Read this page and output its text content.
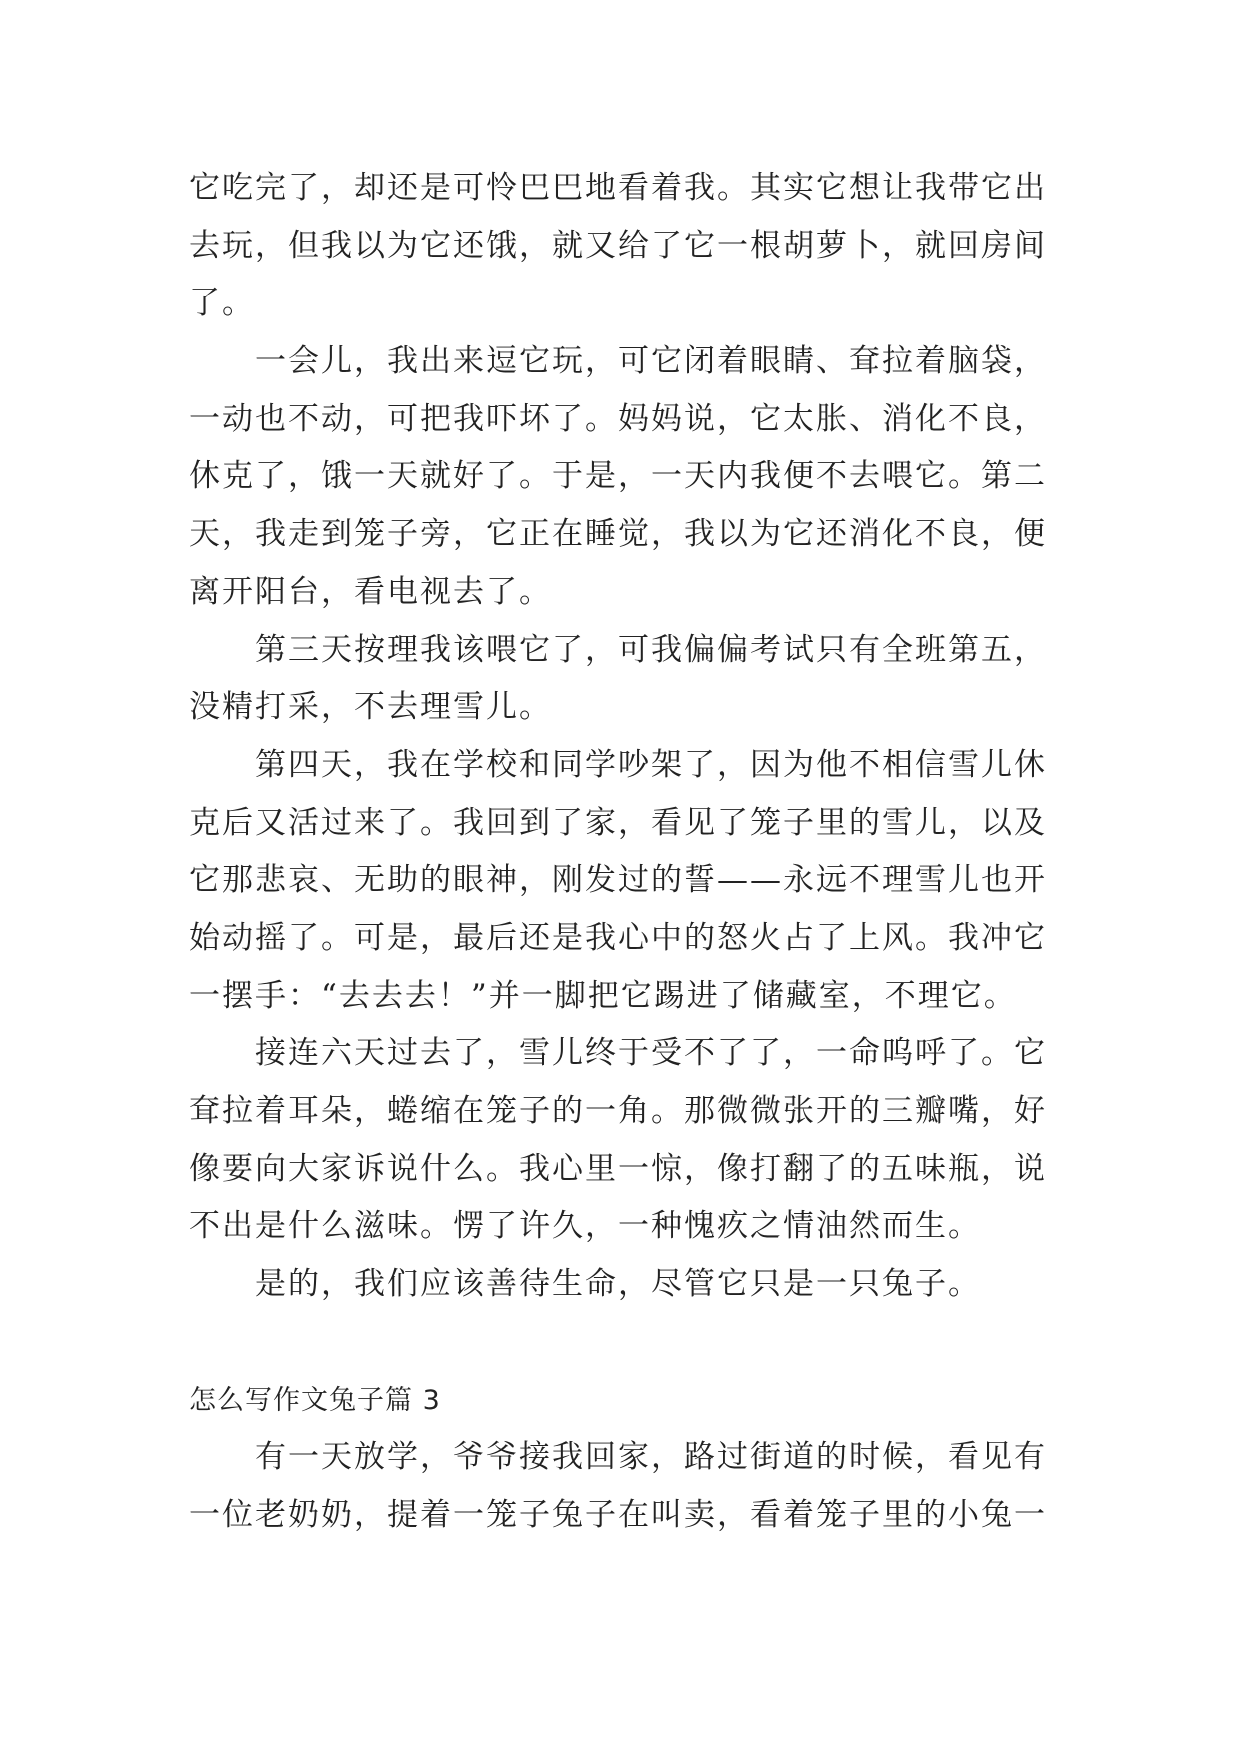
它吃完了，却还是可怜巴巴地看着我。其实它想让我带它出
去玩，但我以为它还饿，就又给了它一根胡萝卜，就回房间
了。
　　一会儿，我出来逗它玩，可它闭着眼睛、耷拉着脑袋，
一动也不动，可把我吓坏了。妈妈说，它太胀、消化不良，
休克了，饿一天就好了。于是，一天内我便不去喂它。第二
天，我走到笼子旁，它正在睡觉，我以为它还消化不良，便
离开阳台，看电视去了。
　　第三天按理我该喂它了，可我偏偏考试只有全班第五，
没精打采，不去理雪儿。
　　第四天，我在学校和同学吵架了，因为他不相信雪儿休
克后又活过来了。我回到了家，看见了笼子里的雪儿，以及
它那悲哀、无助的眼神，刚发过的誓——永远不理雪儿也开
始动摇了。可是，最后还是我心中的怒火占了上风。我冲它
一摆手：“去去去！”并一脚把它踢进了储藏室，不理它。
　　接连六天过去了，雪儿终于受不了了，一命呜呼了。它
耷拉着耳朵，蜷缩在笼子的一角。那微微张开的三瓣嘴，好
像要向大家诉说什么。我心里一惊，像打翻了的五味瓶，说
不出是什么滋味。愣了许久，一种愧疚之情油然而生。
　　是的，我们应该善待生命，尽管它只是一只兔子。
怎么写作文兔子篇 3
　　有一天放学，爷爷接我回家，路过街道的时候，看见有
一位老奶奶，提着一笼子兔子在叫卖，看着笼子里的小兔一
